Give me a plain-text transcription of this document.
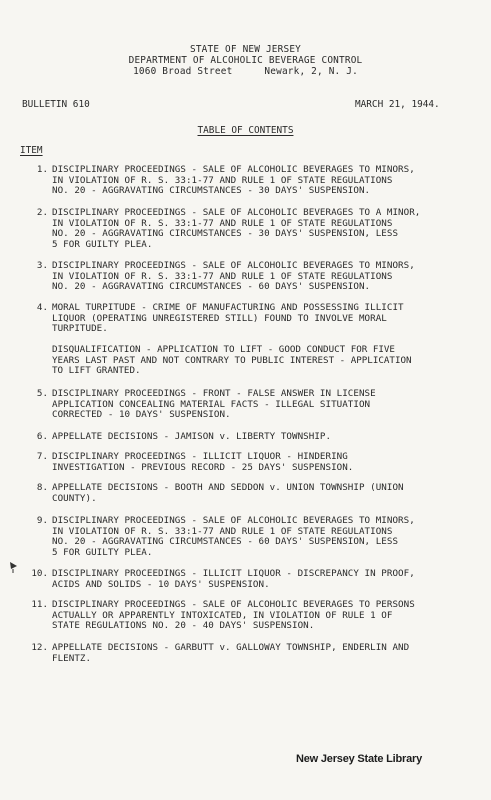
STATE OF NEW JERSEY
DEPARTMENT OF ALCOHOLIC BEVERAGE CONTROL
1060 Broad Street	Newark, 2, N. J.
BULLETIN 610	MARCH 21, 1944.
TABLE OF CONTENTS
ITEM
1. DISCIPLINARY PROCEEDINGS - SALE OF ALCOHOLIC BEVERAGES TO MINORS,
IN VIOLATION OF R. S. 33:1-77 AND RULE 1 OF STATE REGULATIONS
NO. 20 - AGGRAVATING CIRCUMSTANCES - 30 DAYS' SUSPENSION.
2. DISCIPLINARY PROCEEDINGS - SALE OF ALCOHOLIC BEVERAGES TO A MINOR,
IN VIOLATION OF R. S. 33:1-77 AND RULE 1 OF STATE REGULATIONS
NO. 20 - AGGRAVATING CIRCUMSTANCES - 30 DAYS' SUSPENSION, LESS
5 FOR GUILTY PLEA.
3. DISCIPLINARY PROCEEDINGS - SALE OF ALCOHOLIC BEVERAGES TO MINORS,
IN VIOLATION OF R. S. 33:1-77 AND RULE 1 OF STATE REGULATIONS
NO. 20 - AGGRAVATING CIRCUMSTANCES - 60 DAYS' SUSPENSION.
4. MORAL TURPITUDE - CRIME OF MANUFACTURING AND POSSESSING ILLICIT
LIQUOR (OPERATING UNREGISTERED STILL) FOUND TO INVOLVE MORAL
TURPITUDE.
DISQUALIFICATION - APPLICATION TO LIFT - GOOD CONDUCT FOR FIVE
YEARS LAST PAST AND NOT CONTRARY TO PUBLIC INTEREST - APPLICATION
TO LIFT GRANTED.
5. DISCIPLINARY PROCEEDINGS - FRONT - FALSE ANSWER IN LICENSE
APPLICATION CONCEALING MATERIAL FACTS - ILLEGAL SITUATION
CORRECTED - 10 DAYS' SUSPENSION.
6. APPELLATE DECISIONS - JAMISON v. LIBERTY TOWNSHIP.
7. DISCIPLINARY PROCEEDINGS - ILLICIT LIQUOR - HINDERING
INVESTIGATION - PREVIOUS RECORD - 25 DAYS' SUSPENSION.
8. APPELLATE DECISIONS - BOOTH AND SEDDON v. UNION TOWNSHIP (UNION
COUNTY).
9. DISCIPLINARY PROCEEDINGS - SALE OF ALCOHOLIC BEVERAGES TO MINORS,
IN VIOLATION OF R. S. 33:1-77 AND RULE 1 OF STATE REGULATIONS
NO. 20 - AGGRAVATING CIRCUMSTANCES - 60 DAYS' SUSPENSION, LESS
5 FOR GUILTY PLEA.
10. DISCIPLINARY PROCEEDINGS - ILLICIT LIQUOR - DISCREPANCY IN PROOF,
ACIDS AND SOLIDS - 10 DAYS' SUSPENSION.
11. DISCIPLINARY PROCEEDINGS - SALE OF ALCOHOLIC BEVERAGES TO PERSONS
ACTUALLY OR APPARENTLY INTOXICATED, IN VIOLATION OF RULE 1 OF
STATE REGULATIONS NO. 20 - 40 DAYS' SUSPENSION.
12. APPELLATE DECISIONS - GARBUTT v. GALLOWAY TOWNSHIP, ENDERLIN AND
FLENTZ.
New Jersey State Library
